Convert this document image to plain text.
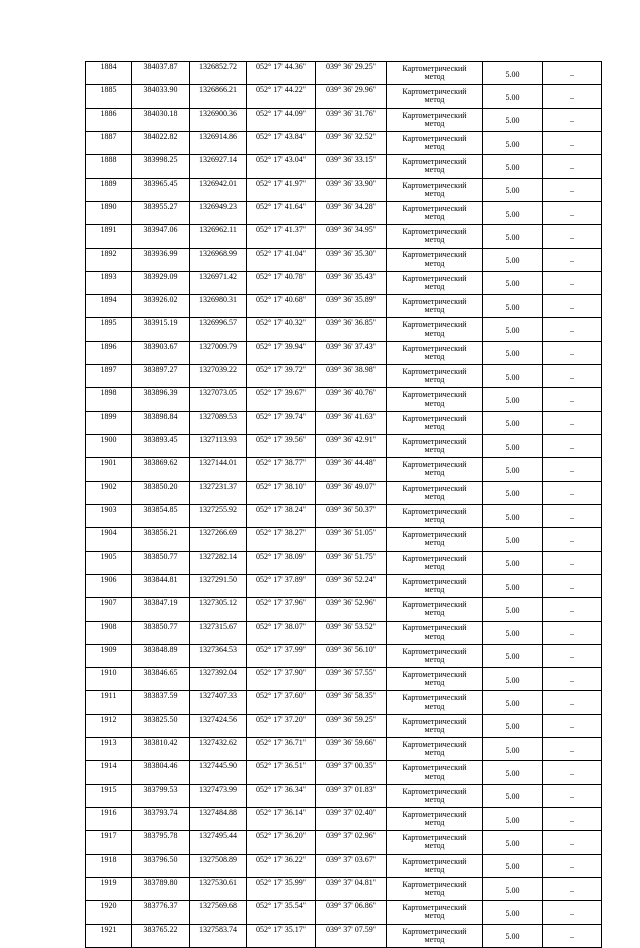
1884	384037.87	1326852.72	052° 17' 44.36"	039° 36' 29.25"	Картометрический
метод	5.00	–
1885	384033.90	1326866.21	052° 17' 44.22"	039° 36' 29.96"	Картометрический
метод	5.00	–
1886	384030.18	1326900.36	052° 17' 44.09"	039° 36' 31.76"	Картометрический
метод	5.00	–
1887	384022.82	1326914.86	052° 17' 43.84"	039° 36' 32.52"	Картометрический
метод	5.00	–
1888	383998.25	1326927.14	052° 17' 43.04"	039° 36' 33.15"	Картометрический
метод	5.00	–
1889	383965.45	1326942.01	052° 17' 41.97"	039° 36' 33.90"	Картометрический
метод	5.00	–
1890	383955.27	1326949.23	052° 17' 41.64"	039° 36' 34.28"	Картометрический
метод	5.00	–
1891	383947.06	1326962.11	052° 17' 41.37"	039° 36' 34.95"	Картометрический
метод	5.00	–
1892	383936.99	1326968.99	052° 17' 41.04"	039° 36' 35.30"	Картометрический
метод	5.00	–
1893	383929.09	1326971.42	052° 17' 40.78"	039° 36' 35.43"	Картометрический
метод	5.00	–
1894	383926.02	1326980.31	052° 17' 40.68"	039° 36' 35.89"	Картометрический
метод	5.00	–
1895	383915.19	1326996.57	052° 17' 40.32"	039° 36' 36.85"	Картометрический
метод	5.00	–
1896	383903.67	1327009.79	052° 17' 39.94"	039° 36' 37.43"	Картометрический
метод	5.00	–
1897	383897.27	1327039.22	052° 17' 39.72"	039° 36' 38.98"	Картометрический
метод	5.00	–
1898	383896.39	1327073.05	052° 17' 39.67"	039° 36' 40.76"	Картометрический
метод	5.00	–
1899	383898.84	1327089.53	052° 17' 39.74"	039° 36' 41.63"	Картометрический
метод	5.00	–
1900	383893.45	1327113.93	052° 17' 39.56"	039° 36' 42.91"	Картометрический
метод	5.00	–
1901	383869.62	1327144.01	052° 17' 38.77"	039° 36' 44.48"	Картометрический
метод	5.00	–
1902	383850.20	1327231.37	052° 17' 38.10"	039° 36' 49.07"	Картометрический
метод	5.00	–
1903	383854.85	1327255.92	052° 17' 38.24"	039° 36' 50.37"	Картометрический
метод	5.00	–
1904	383856.21	1327266.69	052° 17' 38.27"	039° 36' 51.05"	Картометрический
метод	5.00	–
1905	383850.77	1327282.14	052° 17' 38.09"	039° 36' 51.75"	Картометрический
метод	5.00	–
1906	383844.81	1327291.50	052° 17' 37.89"	039° 36' 52.24"	Картометрический
метод	5.00	–
1907	383847.19	1327305.12	052° 17' 37.96"	039° 36' 52.96"	Картометрический
метод	5.00	–
1908	383850.77	1327315.67	052° 17' 38.07"	039° 36' 53.52"	Картометрический
метод	5.00	–
1909	383848.89	1327364.53	052° 17' 37.99"	039° 36' 56.10"	Картометрический
метод	5.00	–
1910	383846.65	1327392.04	052° 17' 37.90"	039° 36' 57.55"	Картометрический
метод	5.00	–
1911	383837.59	1327407.33	052° 17' 37.60"	039° 36' 58.35"	Картометрический
метод	5.00	–
1912	383825.50	1327424.56	052° 17' 37.20"	039° 36' 59.25"	Картометрический
метод	5.00	–
1913	383810.42	1327432.62	052° 17' 36.71"	039° 36' 59.66"	Картометрический
метод	5.00	–
1914	383804.46	1327445.90	052° 17' 36.51"	039° 37' 00.35"	Картометрический
метод	5.00	–
1915	383799.53	1327473.99	052° 17' 36.34"	039° 37' 01.83"	Картометрический
метод	5.00	–
1916	383793.74	1327484.88	052° 17' 36.14"	039° 37' 02.40"	Картометрический
метод	5.00	–
1917	383795.78	1327495.44	052° 17' 36.20"	039° 37' 02.96"	Картометрический
метод	5.00	–
1918	383796.50	1327508.89	052° 17' 36.22"	039° 37' 03.67"	Картометрический
метод	5.00	–
1919	383789.80	1327530.61	052° 17' 35.99"	039° 37' 04.81"	Картометрический
метод	5.00	–
1920	383776.37	1327569.68	052° 17' 35.54"	039° 37' 06.86"	Картометрический
метод	5.00	–
1921	383765.22	1327583.74	052° 17' 35.17"	039° 37' 07.59"	Картометрический
метод	5.00	–
